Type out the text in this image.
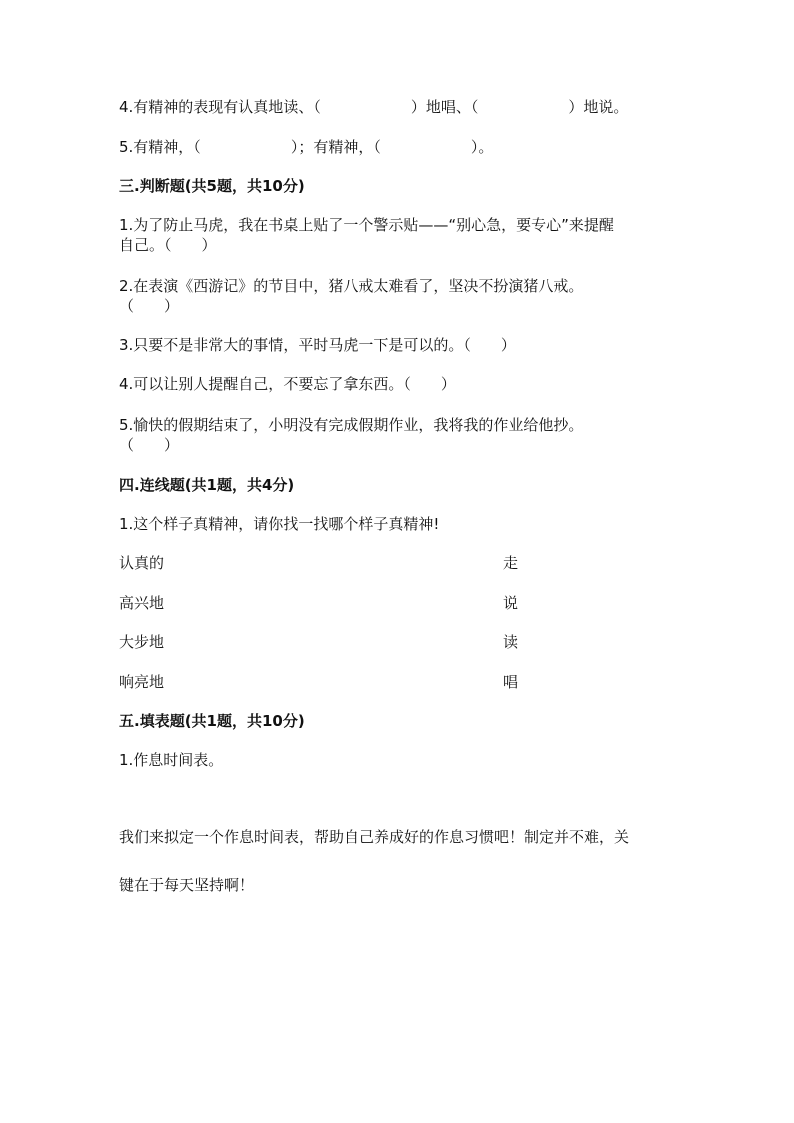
4.有精神的表现有认真地读、（　　　　　　）地唱、（　　　　　　）地说。
5.有精神，（　　　　　　）；有精神，（　　　　　　）。
三.判断题(共5题，共10分)
1.为了防止马虎，我在书桌上贴了一个警示贴——“别心急，要专心”来提醒
自己。（　　）
2.在表演《西游记》的节目中，猪八戒太难看了，坚决不扮演猪八戒。
（　　）
3.只要不是非常大的事情，平时马虎一下是可以的。（　　）
4.可以让别人提醒自己，不要忘了拿东西。（　　）
5.愉快的假期结束了，小明没有完成假期作业，我将我的作业给他抄。
（　　）
四.连线题(共1题，共4分)
1.这个样子真精神，请你找一找哪个样子真精神!
认真的	走
高兴地	说
大步地	读
响亮地	唱
五.填表题(共1题，共10分)
1.作息时间表。
我们来拟定一个作息时间表，帮助自己养成好的作息习惯吧！制定并不难，关
键在于每天坚持啊！
